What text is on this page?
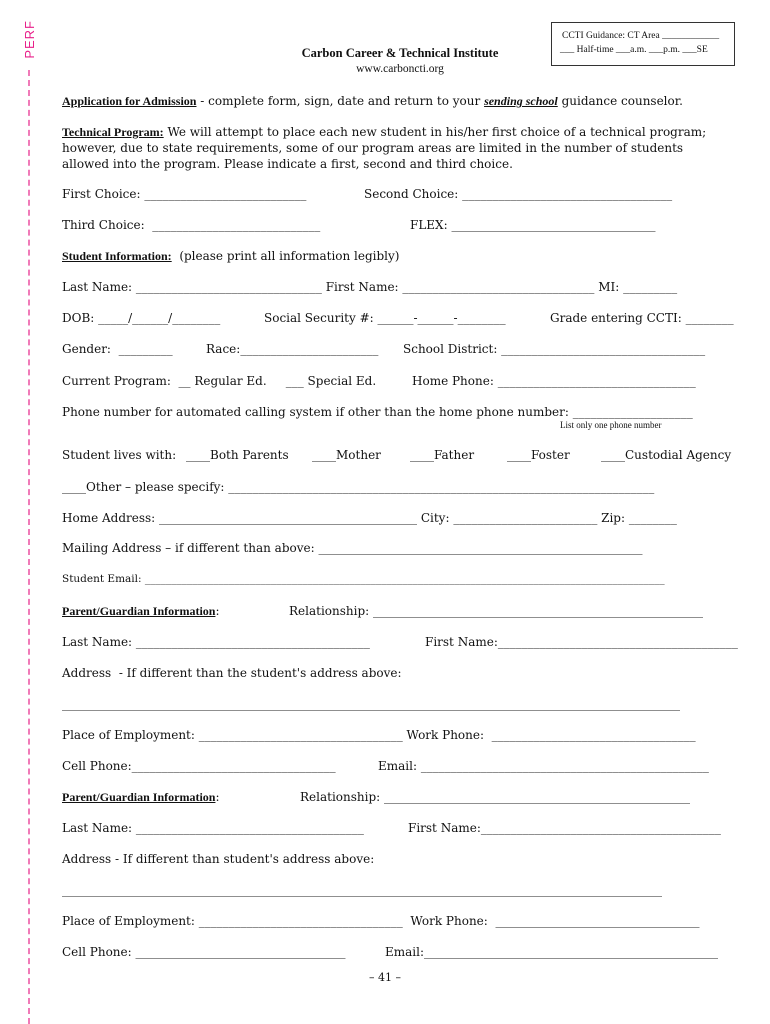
PERF	CCTI Guidance: CT Area ____________
___ Half-time ___a.m. ___p.m. ___SE
Carbon Career & Technical Institute
www.carboncti.org
Application for Admission - complete form, sign, date and return to your sending school guidance counselor.
Technical Program: We will attempt to place each new student in his/her first choice of a technical program; however, due to state requirements, some of our program areas are limited in the number of students allowed into the program. Please indicate a first, second and third choice.
First Choice: ___________________________	Second Choice: ___________________________________
Third Choice:  ____________________________	FLEX: __________________________________
Student Information:  (please print all information legibly)
Last Name: _______________________________ First Name: ________________________________ MI: _________
DOB: _____/______/________	Social Security #: ______-______-________	Grade entering CCTI: ________
Gender:  _________	Race:_______________________ School District: __________________________________
Current Program:  __ Regular Ed.     ___ Special Ed.	Home Phone: _________________________________
Phone number for automated calling system if other than the home phone number: ____________________
List only one phone number
Student lives with: ____Both Parents ____Mother ____Father	____Foster	____Custodial Agency
____Other – please specify: _______________________________________________________________________
Home Address: ___________________________________________ City: ________________________ Zip: ________
Mailing Address – if different than above: ______________________________________________________
Student Email: ___________________________________________________________________________________________________
Parent/Guardian Information:	Relationship: _______________________________________________________
Last Name: _______________________________________	First Name:________________________________________
Address  - If different than the student's address above:
_______________________________________________________________________________________________________
Place of Employment: __________________________________ Work Phone:  __________________________________
Cell Phone:__________________________________	Email: ________________________________________________
Parent/Guardian Information:	Relationship: ___________________________________________________
Last Name: ______________________________________	First Name:________________________________________
Address - If different than student's address above:
____________________________________________________________________________________________________
Place of Employment: __________________________________  Work Phone:  __________________________________
Cell Phone: ___________________________________	Email:_________________________________________________
– 41 –
